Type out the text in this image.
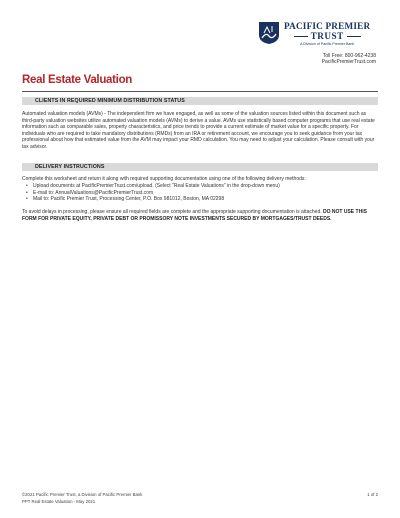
PACIFIC PREMIER
TRUST
A Division of Pacific Premier Bank
Toll Free: 800-962-4238
PacificPremierTrust.com
Real Estate Valuation
CLIENTS IN REQUIRED MINIMUM DISTRIBUTION STATUS
Automated valuation models (AVMs) - The independent firm we have engaged, as well as some of the valuation sources listed within this document such as third-party valuation websites utilize automated valuation models (AVMs) to derive a value. AVMs use statistically based computer programs that use real estate information such as comparable sales, property characteristics, and price trends to provide a current estimate of market value for a specific property. For individuals who are required to take mandatory distributions (RMDs) from an IRA or retirement account, we encourage you to seek guidance from your tax professional about how that estimated value from the AVM may impact your RMD calculation. You may need to adjust your calculation. Please consult with your tax advisor.
DELIVERY INSTRUCTIONS
Complete this worksheet and return it along with required supporting documentation using one of the following delivery methods:
• Upload documents at PacificPremierTrust.com/upload. (Select “Real Estate Valuations” in the drop-down menu)
• E-mail to: AnnualValuations@PacificPremierTrust.com
• Mail to: Pacific Premier Trust, Processing Center, P.O. Box 981012, Boston, MA 02298
To avoid delays in processing, please ensure all required fields are complete and the appropriate supporting documentation is attached. DO NOT USE THIS FORM FOR PRIVATE EQUITY, PRIVATE DEBT OR PROMISSORY NOTE INVESTMENTS SECURED BY MORTGAGES/TRUST DEEDS.
©2021 Pacific Premier Trust, a Division of Pacific Premier Bank
PPT Real Estate Valuation - May 2021
1 of 2
